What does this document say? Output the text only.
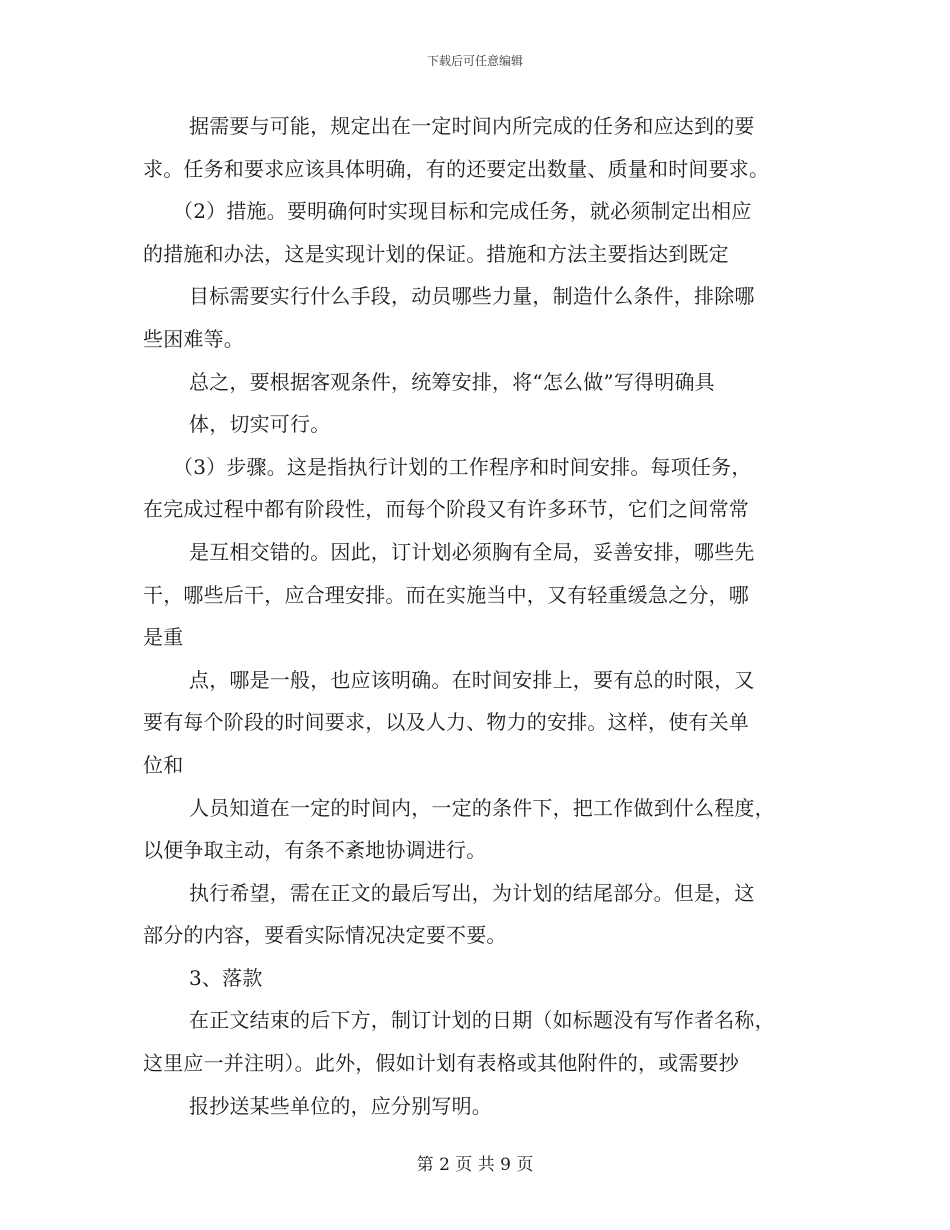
下载后可任意编辑
据需要与可能，规定出在一定时间内所完成的任务和应达到的要
求。任务和要求应该具体明确，有的还要定出数量、质量和时间要求。
（2）措施。要明确何时实现目标和完成任务，就必须制定出相应
的措施和办法，这是实现计划的保证。措施和方法主要指达到既定
目标需要实行什么手段，动员哪些力量，制造什么条件，排除哪
些困难等。
总之，要根据客观条件，统筹安排，将“怎么做”写得明确具
体，切实可行。
（3）步骤。这是指执行计划的工作程序和时间安排。每项任务，
在完成过程中都有阶段性，而每个阶段又有许多环节，它们之间常常
是互相交错的。因此，订计划必须胸有全局，妥善安排，哪些先
干，哪些后干，应合理安排。而在实施当中，又有轻重缓急之分，哪
是重
点，哪是一般，也应该明确。在时间安排上，要有总的时限，又
要有每个阶段的时间要求，以及人力、物力的安排。这样，使有关单
位和
人员知道在一定的时间内，一定的条件下，把工作做到什么程度，
以便争取主动，有条不紊地协调进行。
执行希望，需在正文的最后写出，为计划的结尾部分。但是，这
部分的内容，要看实际情况决定要不要。
3、落款
在正文结束的后下方，制订计划的日期（如标题没有写作者名称，
这里应一并注明）。此外，假如计划有表格或其他附件的，或需要抄
报抄送某些单位的，应分别写明。
第 2 页 共 9 页
